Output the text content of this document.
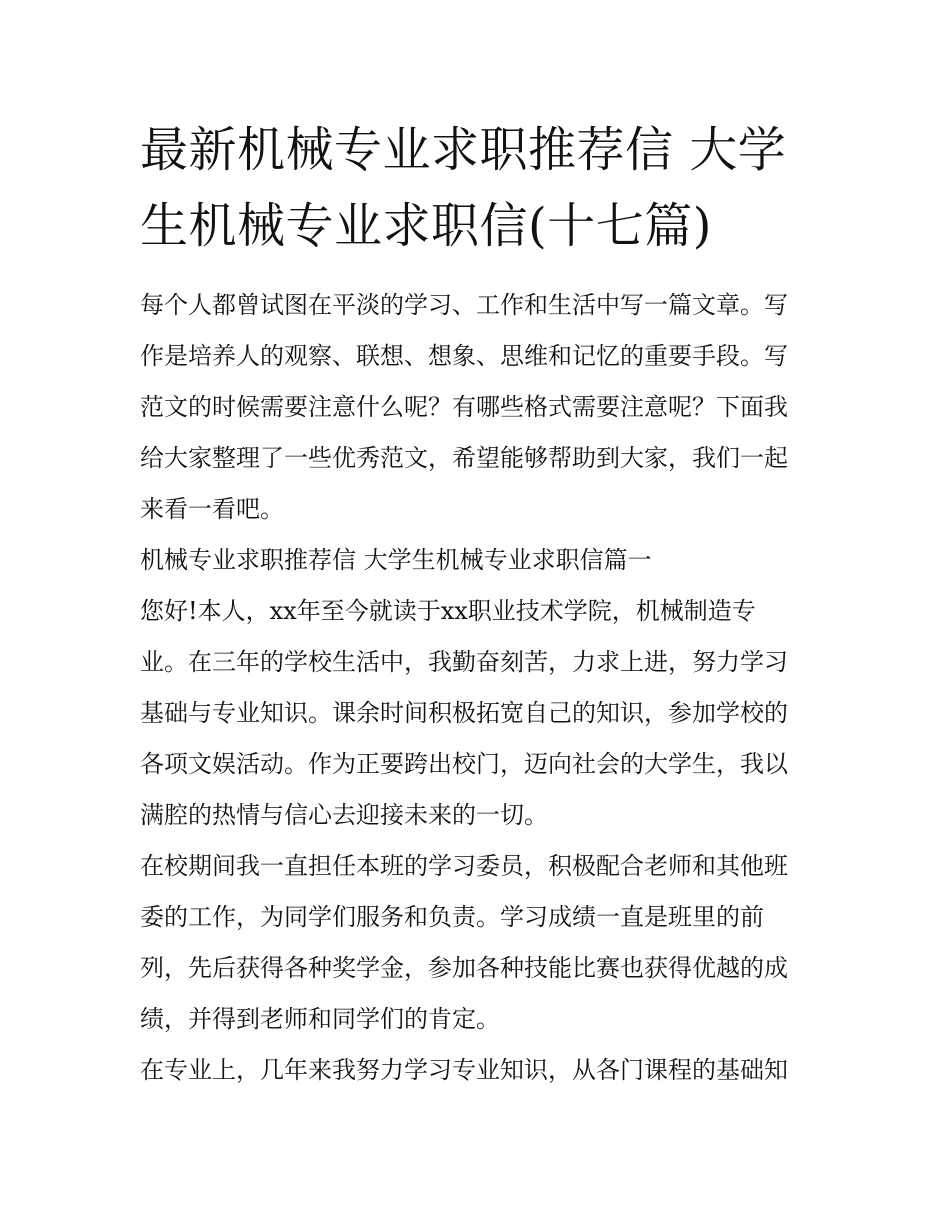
最新机械专业求职推荐信 大学
生机械专业求职信(十七篇)
每个人都曾试图在平淡的学习、工作和生活中写一篇文章。写
作是培养人的观察、联想、想象、思维和记忆的重要手段。写
范文的时候需要注意什么呢？有哪些格式需要注意呢？下面我
给大家整理了一些优秀范文，希望能够帮助到大家，我们一起
来看一看吧。
机械专业求职推荐信 大学生机械专业求职信篇一
您好!本人，xx年至今就读于xx职业技术学院，机械制造专
业。在三年的学校生活中，我勤奋刻苦，力求上进，努力学习
基础与专业知识。课余时间积极拓宽自己的知识，参加学校的
各项文娱活动。作为正要跨出校门，迈向社会的大学生，我以
满腔的热情与信心去迎接未来的一切。
在校期间我一直担任本班的学习委员，积极配合老师和其他班
委的工作，为同学们服务和负责。学习成绩一直是班里的前
列，先后获得各种奖学金，参加各种技能比赛也获得优越的成
绩，并得到老师和同学们的肯定。
在专业上，几年来我努力学习专业知识，从各门课程的基础知
